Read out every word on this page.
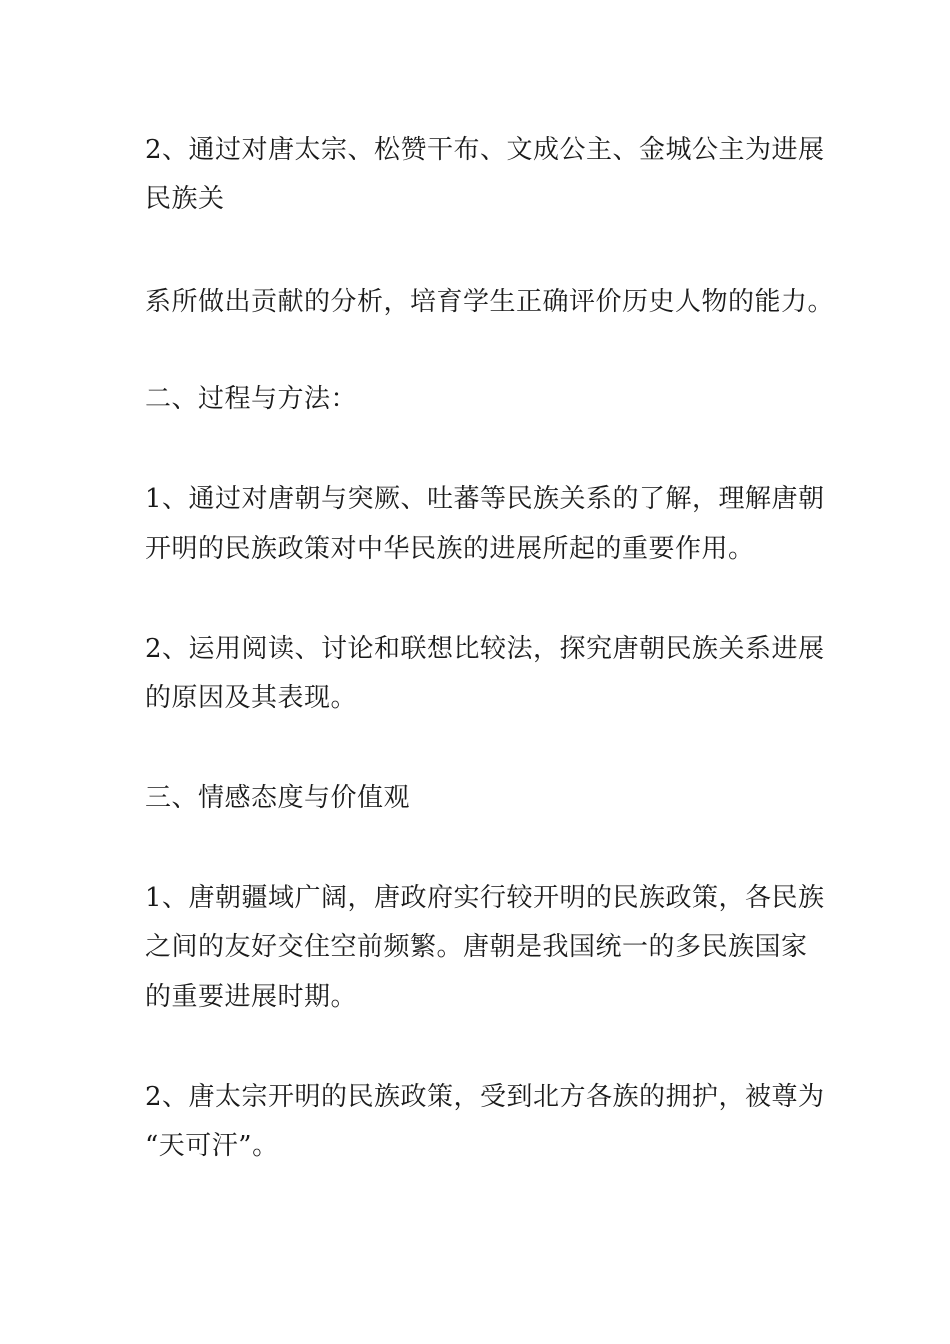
2、通过对唐太宗、松赞干布、文成公主、金城公主为进展
民族关
系所做出贡献的分析，培育学生正确评价历史人物的能力。
二、过程与方法：
1、通过对唐朝与突厥、吐蕃等民族关系的了解，理解唐朝
开明的民族政策对中华民族的进展所起的重要作用。
2、运用阅读、讨论和联想比较法，探究唐朝民族关系进展
的原因及其表现。
三、情感态度与价值观
1、唐朝疆域广阔，唐政府实行较开明的民族政策，各民族
之间的友好交住空前频繁。唐朝是我国统一的多民族国家
的重要进展时期。
2、唐太宗开明的民族政策，受到北方各族的拥护，被尊为
“天可汗”。
